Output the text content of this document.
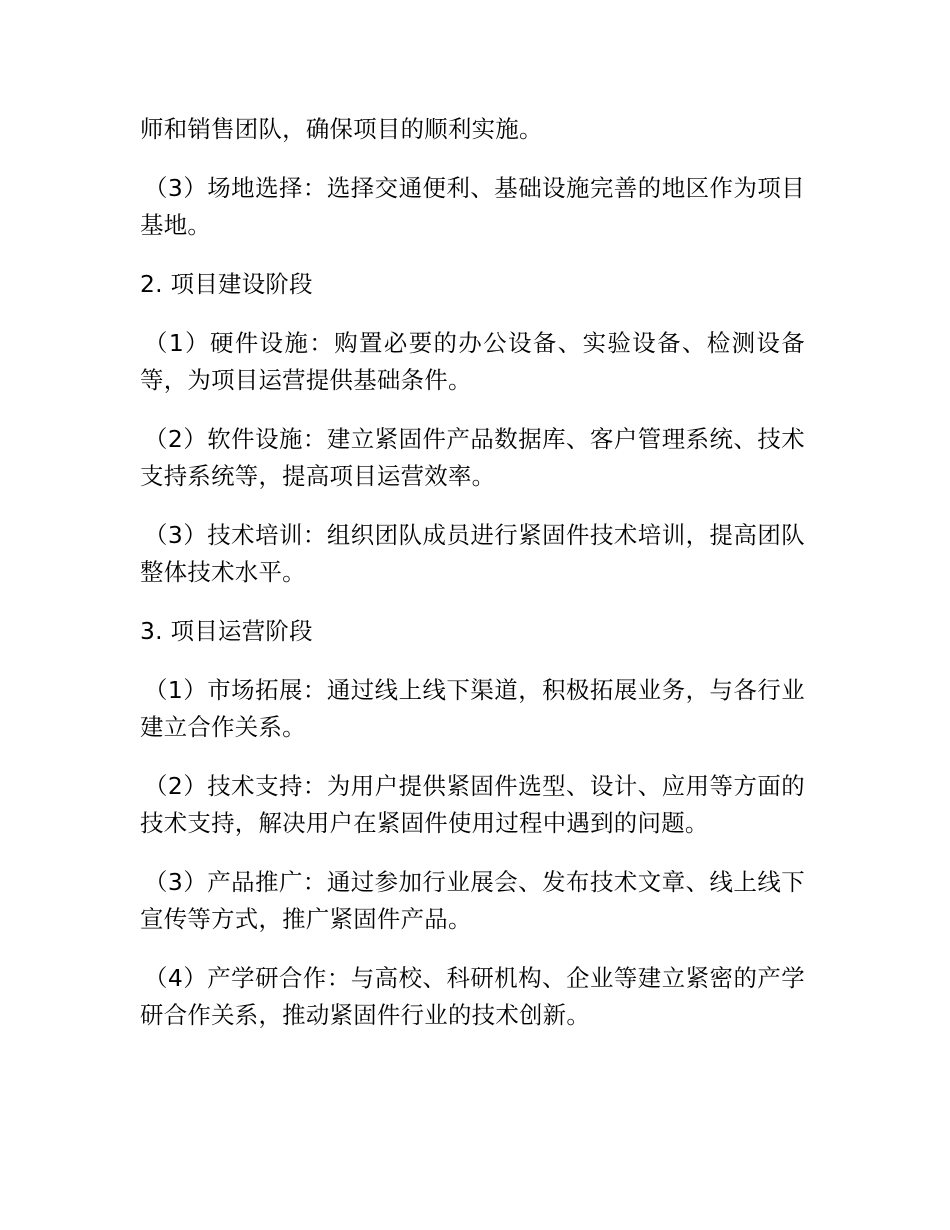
师和销售团队，确保项目的顺利实施。

（3）场地选择：选择交通便利、基础设施完善的地区作为项目基地。

2. 项目建设阶段

（1）硬件设施：购置必要的办公设备、实验设备、检测设备等，为项目运营提供基础条件。

（2）软件设施：建立紧固件产品数据库、客户管理系统、技术支持系统等，提高项目运营效率。

（3）技术培训：组织团队成员进行紧固件技术培训，提高团队整体技术水平。

3. 项目运营阶段

（1）市场拓展：通过线上线下渠道，积极拓展业务，与各行业建立合作关系。

（2）技术支持：为用户提供紧固件选型、设计、应用等方面的技术支持，解决用户在紧固件使用过程中遇到的问题。

（3）产品推广：通过参加行业展会、发布技术文章、线上线下宣传等方式，推广紧固件产品。

（4）产学研合作：与高校、科研机构、企业等建立紧密的产学研合作关系，推动紧固件行业的技术创新。
